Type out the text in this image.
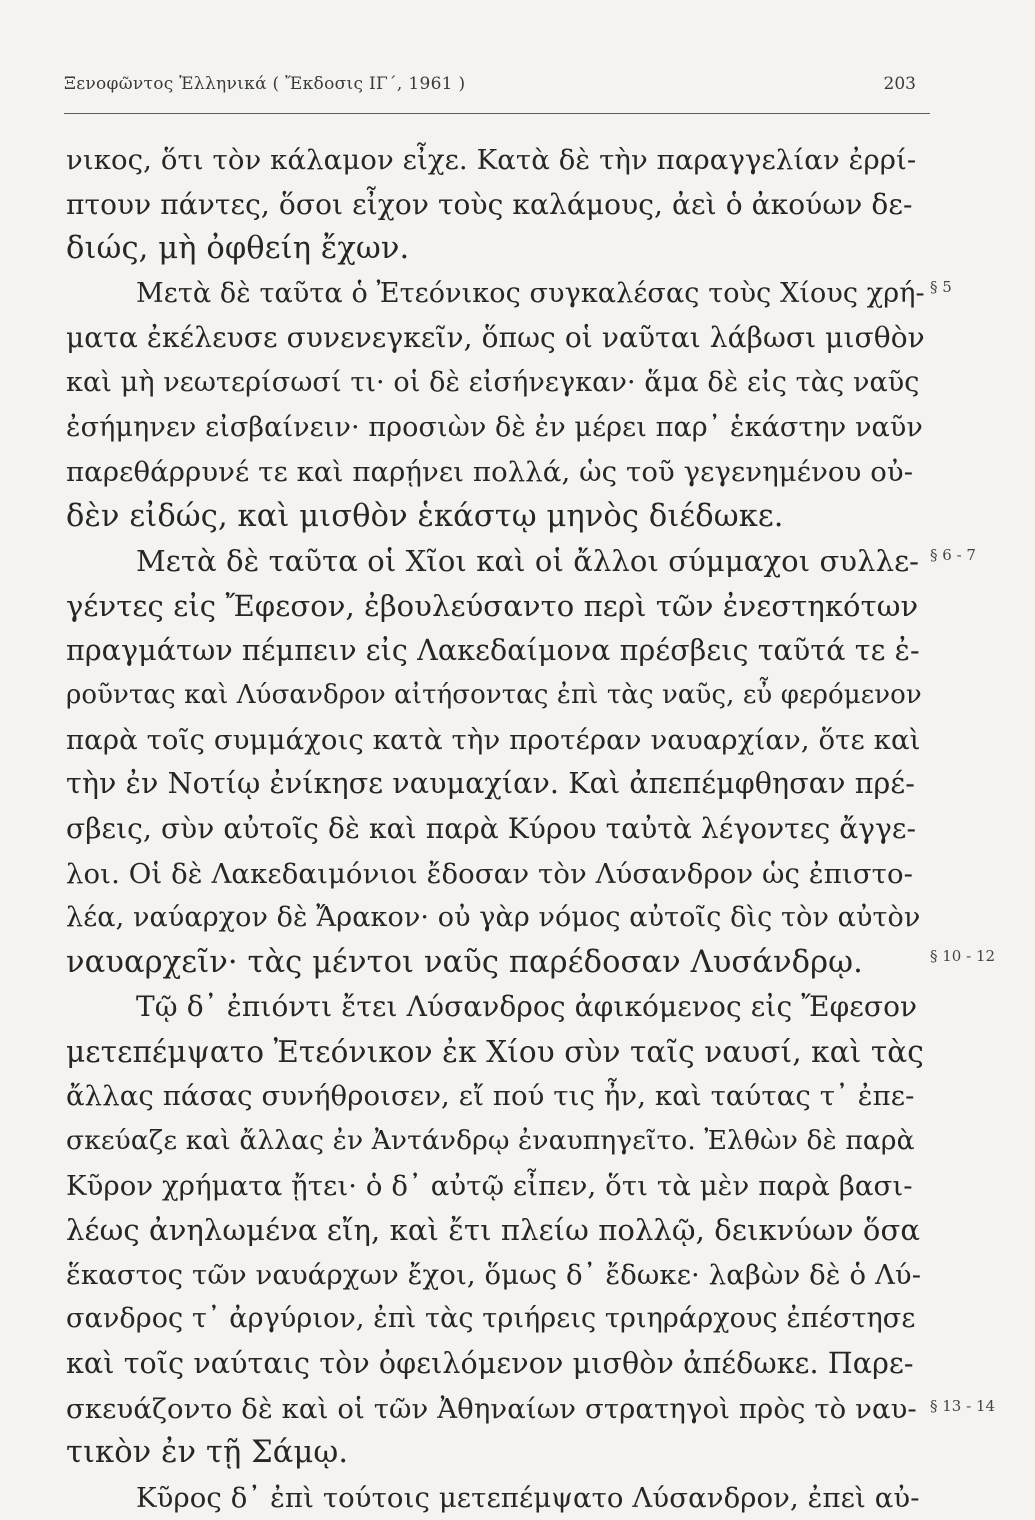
Ξενοφῶντος Ἑλληνικά ( Ἔκδοσις ΙΓ΄, 1961 )	203
νικος, ὅτι τὸν κάλαμον εἶχε. Κατὰ δὲ τὴν παραγγελίαν ἐρρί-
πτουν πάντες, ὅσοι εἶχον τοὺς καλάμους, ἀεὶ ὁ ἀκούων δε-
διώς, μὴ ὀφθείη ἔχων.
Μετὰ δὲ ταῦτα ὁ Ἐτεόνικος συγκαλέσας τοὺς Χίους χρή-
ματα ἐκέλευσε συνενεγκεῖν, ὅπως οἱ ναῦται λάβωσι μισθὸν
καὶ μὴ νεωτερίσωσί τι· οἱ δὲ εἰσήνεγκαν· ἅμα δὲ εἰς τὰς ναῦς
ἐσήμηνεν εἰσβαίνειν· προσιὼν δὲ ἐν μέρει παρ᾽ ἑκάστην ναῦν
παρεθάρρυνέ τε καὶ παρῄνει πολλά, ὡς τοῦ γεγενημένου οὐ-
δὲν εἰδώς, καὶ μισθὸν ἑκάστῳ μηνὸς διέδωκε.
Μετὰ δὲ ταῦτα οἱ Χῖοι καὶ οἱ ἄλλοι σύμμαχοι συλλε-
γέντες εἰς Ἔφεσον, ἐβουλεύσαντο περὶ τῶν ἐνεστηκότων
πραγμάτων πέμπειν εἰς Λακεδαίμονα πρέσβεις ταῦτά τε ἐ-
ροῦντας καὶ Λύσανδρον αἰτήσοντας ἐπὶ τὰς ναῦς, εὖ φερόμενον
παρὰ τοῖς συμμάχοις κατὰ τὴν προτέραν ναυαρχίαν, ὅτε καὶ
τὴν ἐν Νοτίῳ ἐνίκησε ναυμαχίαν. Καὶ ἀπεπέμφθησαν πρέ-
σβεις, σὺν αὐτοῖς δὲ καὶ παρὰ Κύρου ταὐτὰ λέγοντες ἄγγε-
λοι. Οἱ δὲ Λακεδαιμόνιοι ἔδοσαν τὸν Λύσανδρον ὡς ἐπιστο-
λέα, ναύαρχον δὲ Ἄρακον· οὐ γὰρ νόμος αὐτοῖς δὶς τὸν αὐτὸν
ναυαρχεῖν· τὰς μέντοι ναῦς παρέδοσαν Λυσάνδρῳ.
Τῷ δ᾽ ἐπιόντι ἔτει Λύσανδρος ἀφικόμενος εἰς Ἔφεσον
μετεπέμψατο Ἐτεόνικον ἐκ Χίου σὺν ταῖς ναυσί, καὶ τὰς
ἄλλας πάσας συνήθροισεν, εἴ πού τις ἦν, καὶ ταύτας τ᾽ ἐπε-
σκεύαζε καὶ ἄλλας ἐν Ἀντάνδρῳ ἐναυπηγεῖτο. Ἐλθὼν δὲ παρὰ
Κῦρον χρήματα ᾔτει· ὁ δ᾽ αὐτῷ εἶπεν, ὅτι τὰ μὲν παρὰ βασι-
λέως ἀνηλωμένα εἴη, καὶ ἔτι πλείω πολλῷ, δεικνύων ὅσα
ἕκαστος τῶν ναυάρχων ἔχοι, ὅμως δ᾽ ἔδωκε· λαβὼν δὲ ὁ Λύ-
σανδρος τ᾽ ἀργύριον, ἐπὶ τὰς τριήρεις τριηράρχους ἐπέστησε
καὶ τοῖς ναύταις τὸν ὀφειλόμενον μισθὸν ἀπέδωκε. Παρε-
σκευάζοντο δὲ καὶ οἱ τῶν Ἀθηναίων στρατηγοὶ πρὸς τὸ ναυ-
τικὸν ἐν τῇ Σάμῳ.
Κῦρος δ᾽ ἐπὶ τούτοις μετεπέμψατο Λύσανδρον, ἐπεὶ αὐ-
§ 5
§ 6 - 7
§ 10 - 12
§ 13 - 14
